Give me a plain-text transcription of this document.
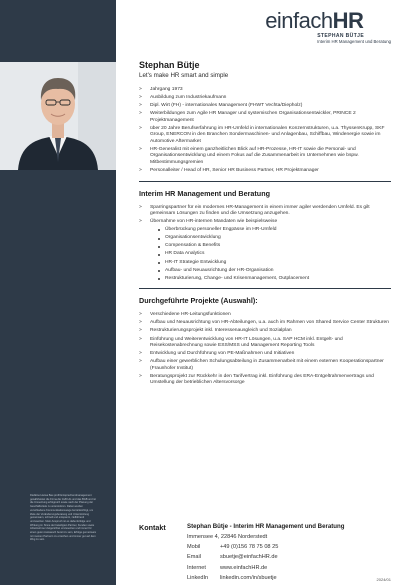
Die/Eine Hansa Bau profil Entsprechendmanagement gewährleistet die Firma die GvB HG und das BGB und ist die Umsetzung erfolgreich sowie nach der Planung der Geschäftsziele zu unterstützen. Dabei werden verschiedene Kommunikationswege berücksichtigt, um Ziele der Veränderungsberatung und Unterstützung gemeinsam, schnell und entspannt, zielführend umzusetzen. Mein Anspruch ist es dabei Erfolge und Wirkung im Sinne der beteiligten Partner, Kunden sowie Arbeitnehmer zielgerichtet umzusetzen und immer für einen guten Austausch bereit zu sein, Erfolge gemeinsam mit meinen Partnern zu erreichen und immer gut auf dem Weg zu sein.
einfachHR
STEPHAN BÜTJE
Interim HR Management und Beratung
Stephan Bütje
Let's make HR smart and simple
> Jahrgang 1973
> Ausbildung zum Industriekaufmann
> Dipl. Wirt (FH) - internationales Management (FHWT Vechta/Diepholz)
> Weiterbildungen zum Agile HR Manager und systemischen Organisationsentwickler, PRINCE 2 Projektmanagement
> über 20 Jahre Berufserfahrung im HR-Umfeld in internationalen Konzernstrukturen, u.a. ThyssenKrupp, SKF Group, ENERCON in den Branchen Sondermaschinen- und Anlagenbau, Schiffbau, Windenergie sowie im Automotive Aftermarket
> HR-Generalist mit einem ganzheitlichen Blick auf HR-Prozesse, HR-IT sowie die Personal- und Organisationsentwicklung und einem Fokus auf die Zusammenarbeit im Unternehmen wie bspw. Mitbestimmungsgremien
> Personalleiter / Head of HR, Senior HR Business Partner, HR Projektmanager
Interim HR Management und Beratung
> Sparringspartner für ein modernes HR-Management in einem immer agiler werdenden Umfeld. Es gilt gemeinsam Lösungen zu finden und die Umsetzung anzugehen.
> Übernahme von HR-internen Mandaten wie beispielsweise
Überbrückung personeller Engpässe im HR-Umfeld
Organisationsentwicklung
Compensation & Benefits
HR Data Analytics
HR-IT Strategie Entwicklung
Aufbau- und Neuausrichtung der HR-Organisation
Restrukturierung, Change- und Krisenmanagement, Outplacement
Durchgeführte Projekte (Auswahl):
> Verschiedene HR-Leitungsfunktionen
> Aufbau und Neuausrichtung von HR-Abteilungen, u.a. auch im Rahmen von Shared Service Center Strukturen
> Restrukturierungsprojekt inkl. Interessenausgleich und Sozialplan
> Einführung und Weiterentwicklung von HR-IT Lösungen, u.a. SAP HCM inkl. Entgelt- und Reisekostenabrechnung sowie ESS/MSS und Management Reporting Tools
> Entwicklung und Durchführung von PE-Maßnahmen und Initiativen
> Aufbau einer gewerblichen Schulungsabteilung in Zusammenarbeit mit einem externen Kooperationspartner (Fraunhofer Institut)
> Beratungsprojekt zur Rückkehr in den Tarifvertrag inkl. Einführung des ERA-Entgeltrahmenvertrags und Umstellung der betrieblichen Altersvorsorge
Kontakt	Stephan Bütje - Interim HR Management und Beratung
Immensee 4, 22846 Norderstedt
Mobil	+49 (0)156 78 75 08 25
Email	sbuetje@einfachHR.de
Internet	www.einfachHR.de
LinkedIn	linkedin.com/in/sbuetje	2024/01
